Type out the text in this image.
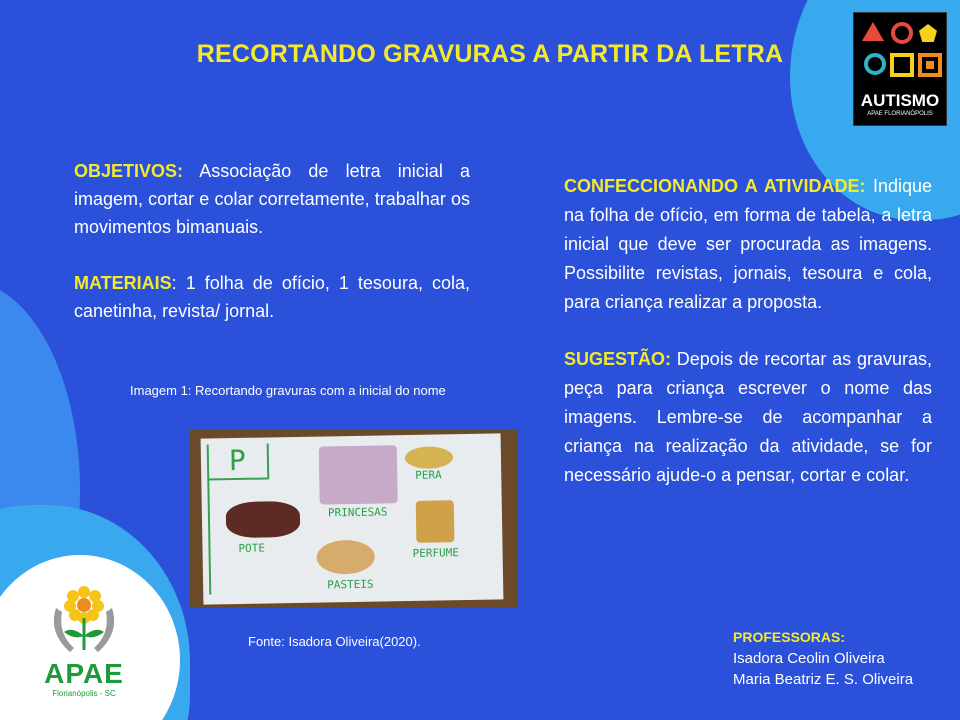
RECORTANDO GRAVURAS A PARTIR DA LETRA
AUTISMO
APAE FLORIANÓPOLIS

OBJETIVOS: Associação de letra inicial a imagem, cortar e colar corretamente, trabalhar os movimentos bimanuais.

MATERIAIS: 1 folha de ofício, 1 tesoura, cola, canetinha, revista/ jornal.

Imagem 1: Recortando gravuras com a inicial do nome
P
PRINCESAS
PERA
POTE	PERFUME
PASTEIS
Fonte: Isadora Oliveira(2020).

CONFECCIONANDO A ATIVIDADE: Indique na folha de ofício, em forma de tabela, a letra inicial que deve ser procurada as imagens. Possibilite revistas, jornais, tesoura e cola, para criança realizar a proposta.

SUGESTÃO: Depois de recortar as gravuras, peça para criança escrever o nome das imagens. Lembre-se de acompanhar a criança na realização da atividade, se for necessário ajude-o a pensar, cortar e colar.

PROFESSORAS:
Isadora Ceolin Oliveira
Maria Beatriz E. S. Oliveira
APAE
Florianópolis - SC
